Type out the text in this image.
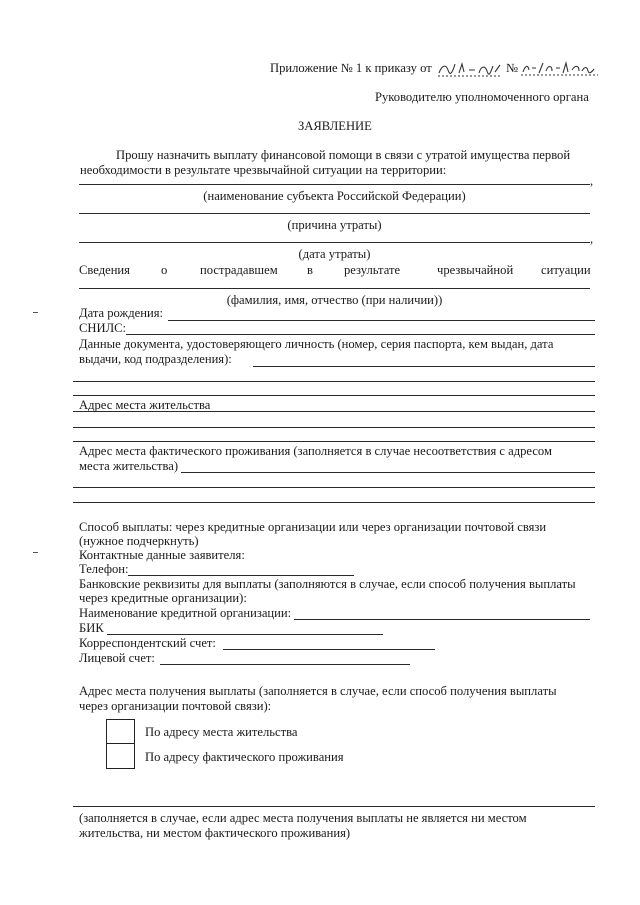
Приложение № 1 к приказу от	№
Руководителю уполномоченного органа
ЗАЯВЛЕНИЕ
Прошу назначить выплату финансовой помощи в связи с утратой имущества первой
необходимости в результате чрезвычайной ситуации на территории:
,
(наименование субъекта Российской Федерации)
(причина утраты)
,
(дата утраты)
Сведения о	пострадавшем в результате	чрезвычайной ситуации
(фамилия, имя, отчество (при наличии))
Дата рождения:
СНИЛС:
Данные документа, удостоверяющего личность (номер, серия паспорта, кем выдан, дата
выдачи, код подразделения):
Адрес места жительства
Адрес места фактического проживания (заполняется в случае несоответствия с адресом
места жительства)
Способ выплаты: через кредитные организации или через организации почтовой связи
(нужное подчеркнуть)
Контактные данные заявителя:
Телефон:
Банковские реквизиты для выплаты (заполняются в случае, если способ получения выплаты
через кредитные организации):
Наименование кредитной организации:
БИК
Корреспондентский счет:
Лицевой счет:
Адрес места получения выплаты (заполняется в случае, если способ получения выплаты
через организации почтовой связи):
По адресу места жительства
По адресу фактического проживания
(заполняется в случае, если адрес места получения выплаты не является ни местом
жительства, ни местом фактического проживания)
